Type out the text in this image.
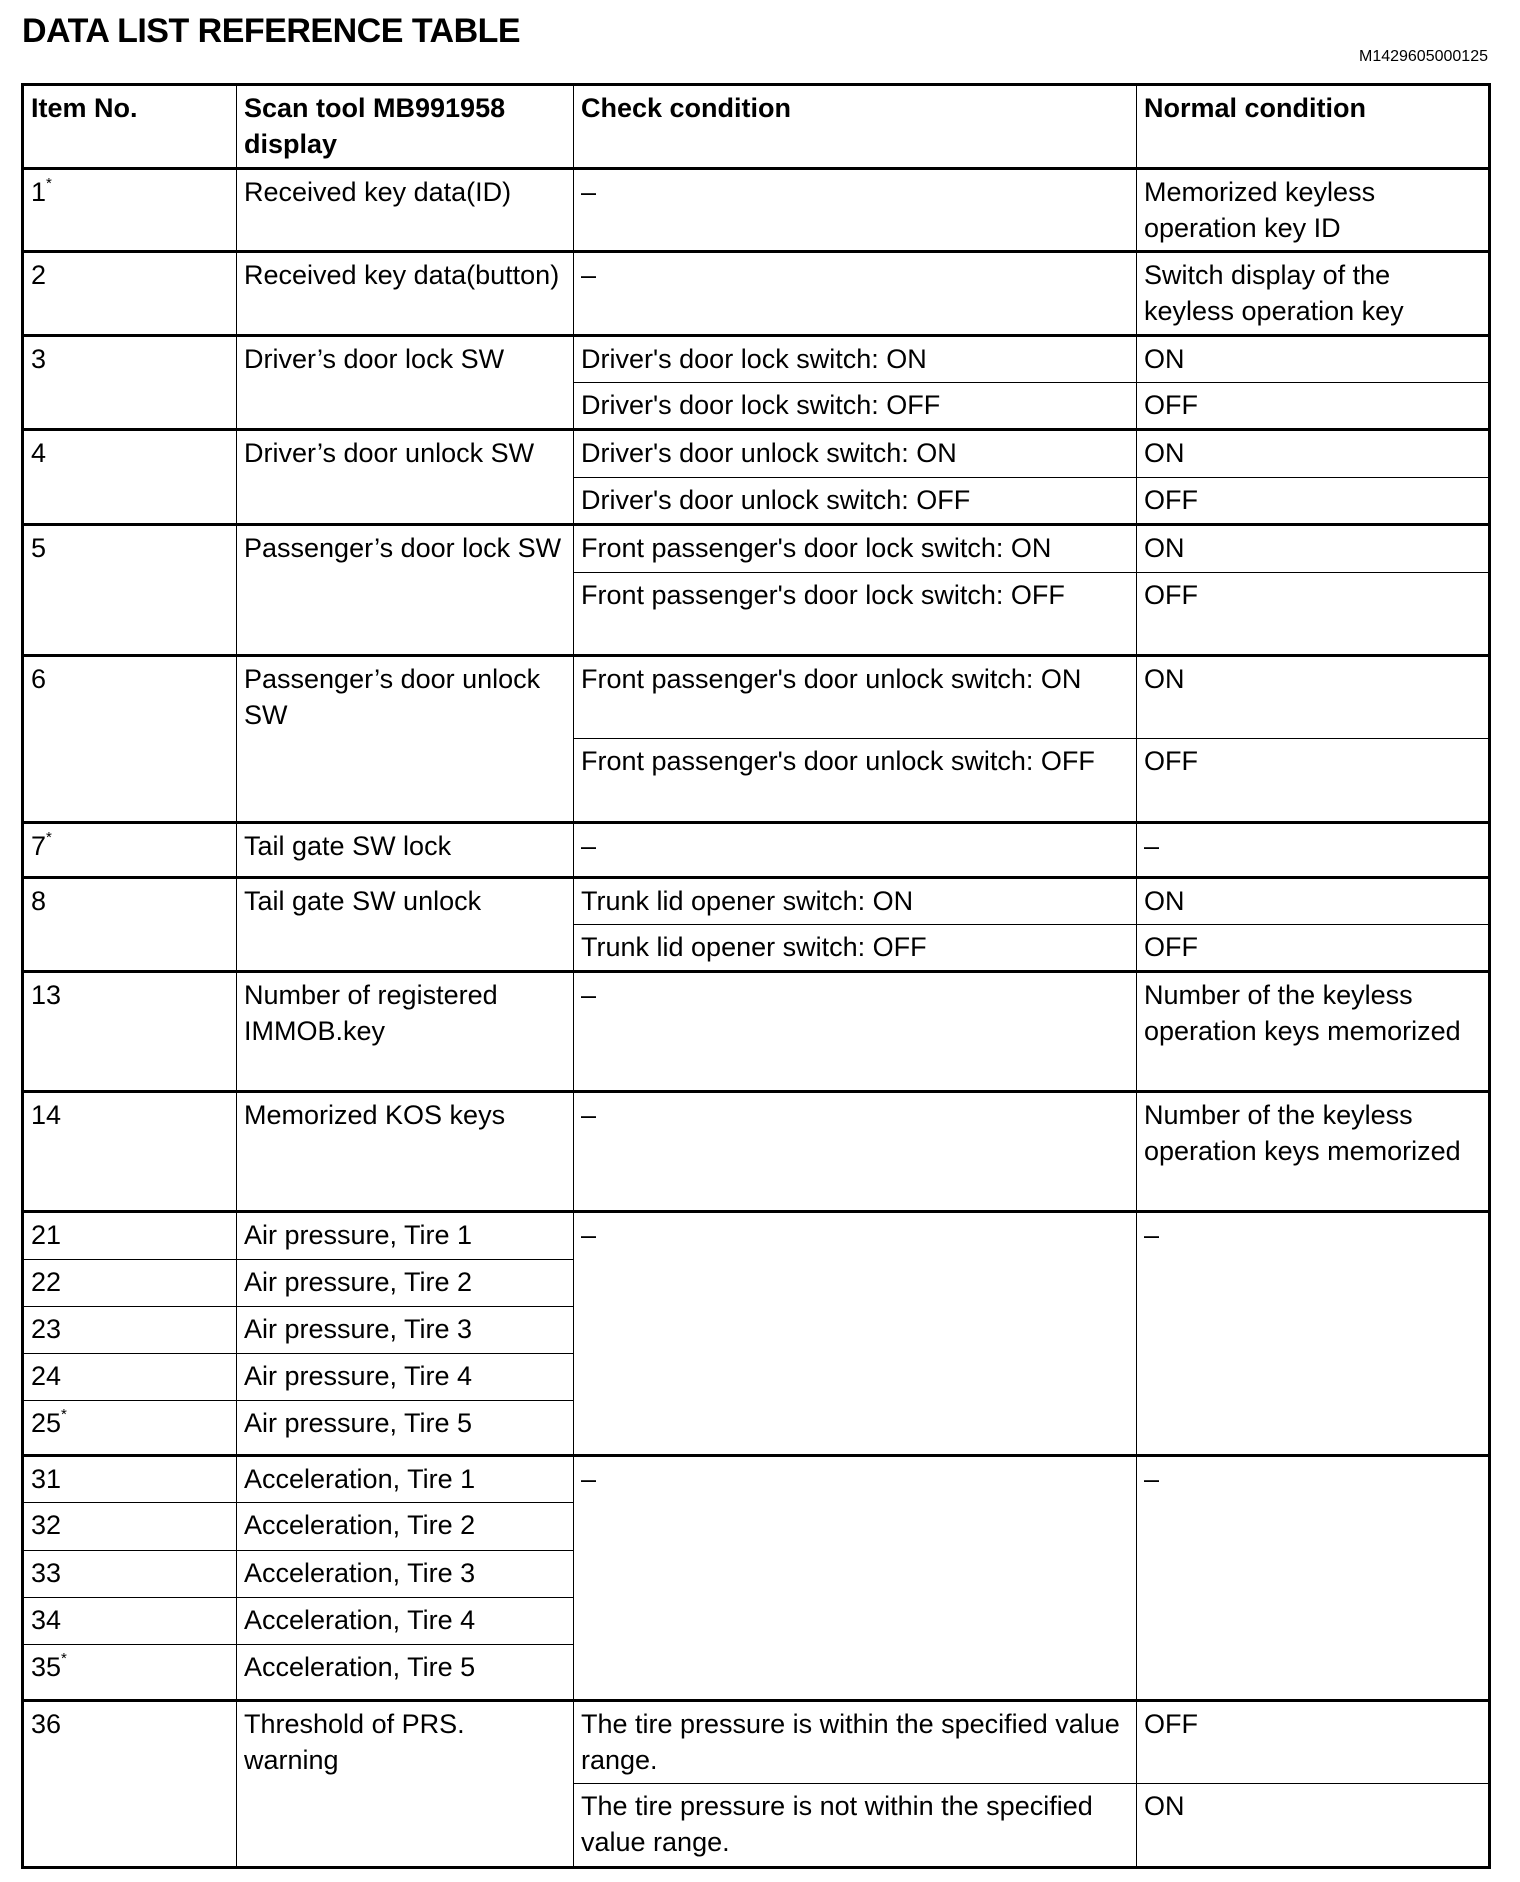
DATA LIST REFERENCE TABLE
M1429605000125
Item No.	Scan tool MB991958 display	Check condition	Normal condition
1*	Received key data(ID)	–	Memorized keyless operation key ID
2	Received key data(button)	–	Switch display of the keyless operation key
3	Driver’s door lock SW	Driver's door lock switch: ON	ON
		Driver's door lock switch: OFF	OFF
4	Driver’s door unlock SW	Driver's door unlock switch: ON	ON
		Driver's door unlock switch: OFF	OFF
5	Passenger’s door lock SW	Front passenger's door lock switch: ON	ON
		Front passenger's door lock switch: OFF	OFF
6	Passenger’s door unlock SW	Front passenger's door unlock switch: ON	ON
		Front passenger's door unlock switch: OFF	OFF
7*	Tail gate SW lock	–	–
8	Tail gate SW unlock	Trunk lid opener switch: ON	ON
		Trunk lid opener switch: OFF	OFF
13	Number of registered IMMOB.key	–	Number of the keyless operation keys memorized
14	Memorized KOS keys	–	Number of the keyless operation keys memorized
21	Air pressure, Tire 1	–	–
22	Air pressure, Tire 2		
23	Air pressure, Tire 3		
24	Air pressure, Tire 4		
25*	Air pressure, Tire 5		
31	Acceleration, Tire 1	–	–
32	Acceleration, Tire 2		
33	Acceleration, Tire 3		
34	Acceleration, Tire 4		
35*	Acceleration, Tire 5		
36	Threshold of PRS. warning	The tire pressure is within the specified value range.	OFF
		The tire pressure is not within the specified value range.	ON
